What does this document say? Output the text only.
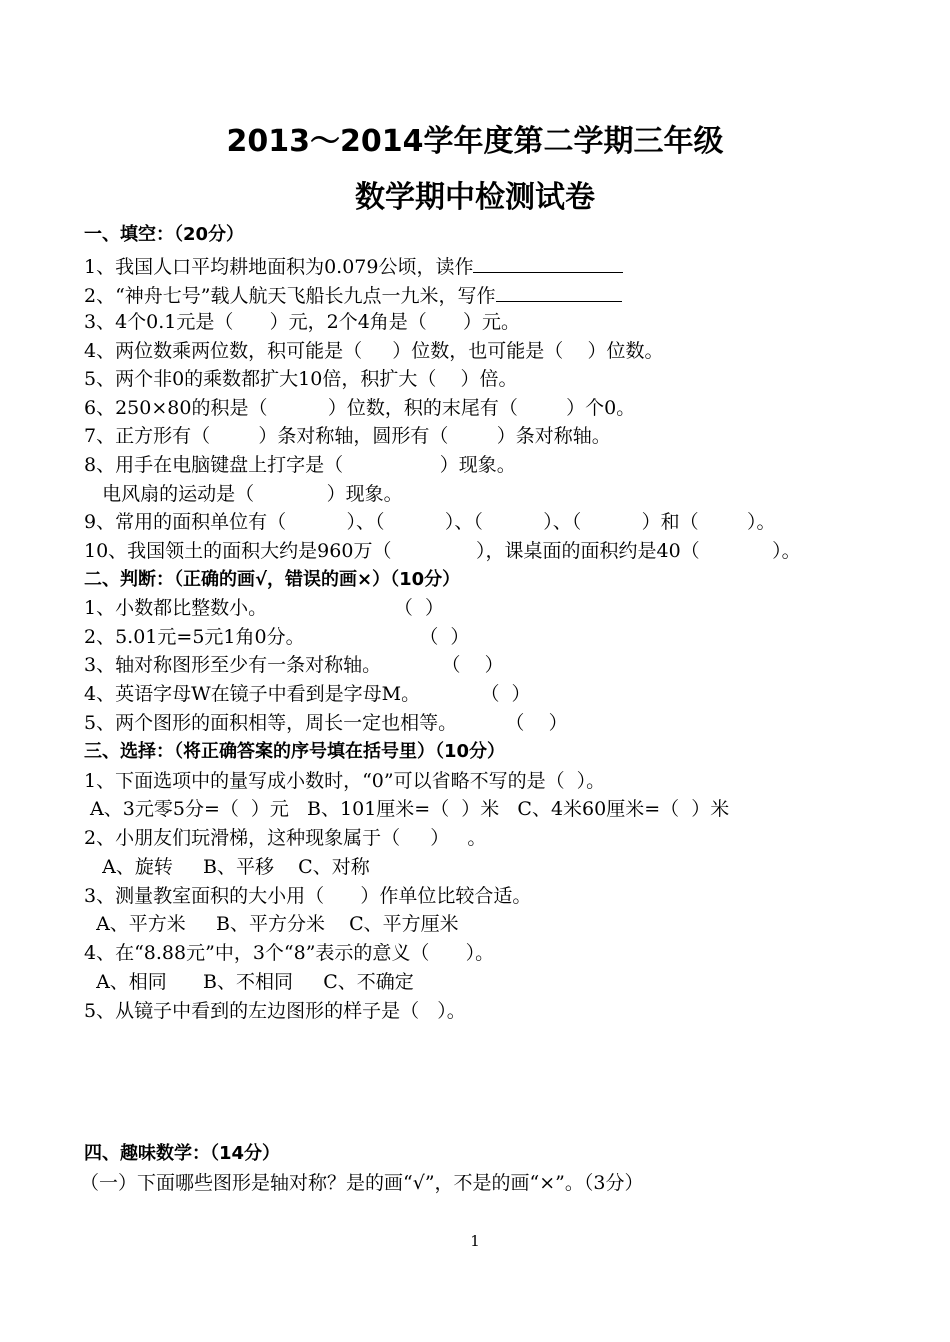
2013～2014学年度第二学期三年级
数学期中检测试卷
一、填空：（20分）
1、我国人口平均耕地面积为0.079公顷，读作
2、“神舟七号”载人航天飞船长九点一九米，写作
3、4个0.1元是（      ）元，2个4角是（      ）元。
4、两位数乘两位数，积可能是（     ）位数，也可能是（    ）位数。
5、两个非0的乘数都扩大10倍，积扩大（    ）倍。
6、250×80的积是（          ）位数，积的末尾有（        ）个0。
7、正方形有（        ）条对称轴，圆形有（        ）条对称轴。
8、用手在电脑键盘上打字是（                ）现象。
电风扇的运动是（            ）现象。
9、常用的面积单位有（          ）、（          ）、（          ）、（          ）和（        ）。
10、我国领土的面积大约是960万（              ），课桌面的面积约是40（            ）。
二、判断：（正确的画√，错误的画×）（10分）
1、小数都比整数小。                     （  ）
2、5.01元=5元1角0分。                   （  ）
3、轴对称图形至少有一条对称轴。          （    ）
4、英语字母W在镜子中看到是字母M。          （  ）
5、两个图形的面积相等，周长一定也相等。        （    ）
三、选择：（将正确答案的序号填在括号里）（10分）
1、下面选项中的量写成小数时，“0”可以省略不写的是（  ）。
A、3元零5分=（  ）元   B、101厘米=（  ）米   C、4米60厘米=（  ）米
2、小朋友们玩滑梯，这种现象属于（     ）   。
A、旋转     B、平移    C、对称
3、测量教室面积的大小用（      ）作单位比较合适。
A、平方米     B、平方分米    C、平方厘米
4、在“8.88元”中，3个“8”表示的意义（      ）。
A、相同      B、不相同     C、不确定
5、从镜子中看到的左边图形的样子是（   ）。
四、趣味数学：（14分）
（一）下面哪些图形是轴对称？是的画“√”，不是的画“×”。（3分）
1
